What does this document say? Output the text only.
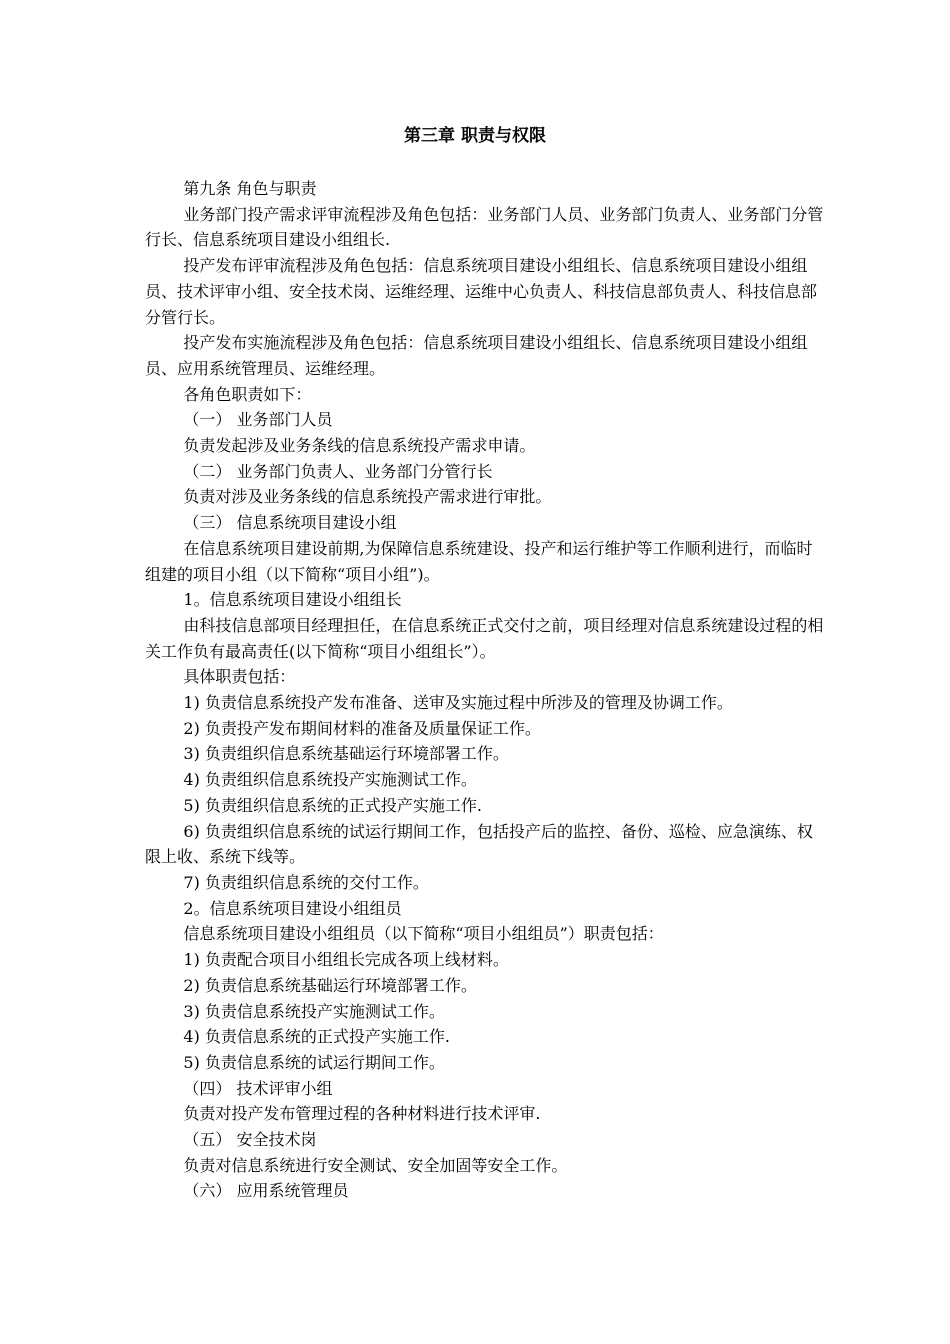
第三章 职责与权限

第九条 角色与职责

业务部门投产需求评审流程涉及角色包括：业务部门人员、业务部门负责人、业务部门分管行长、信息系统项目建设小组组长.

投产发布评审流程涉及角色包括：信息系统项目建设小组组长、信息系统项目建设小组组员、技术评审小组、安全技术岗、运维经理、运维中心负责人、科技信息部负责人、科技信息部分管行长。

投产发布实施流程涉及角色包括：信息系统项目建设小组组长、信息系统项目建设小组组员、应用系统管理员、运维经理。

各角色职责如下：

（一） 业务部门人员

负责发起涉及业务条线的信息系统投产需求申请。

（二） 业务部门负责人、业务部门分管行长

负责对涉及业务条线的信息系统投产需求进行审批。

（三） 信息系统项目建设小组

在信息系统项目建设前期,为保障信息系统建设、投产和运行维护等工作顺利进行，而临时组建的项目小组（以下简称“项目小组”)。

1。信息系统项目建设小组组长

由科技信息部项目经理担任，在信息系统正式交付之前，项目经理对信息系统建设过程的相关工作负有最高责任(以下简称“项目小组组长”）。

具体职责包括：

1) 负责信息系统投产发布准备、送审及实施过程中所涉及的管理及协调工作。

2) 负责投产发布期间材料的准备及质量保证工作。

3) 负责组织信息系统基础运行环境部署工作。

4) 负责组织信息系统投产实施测试工作。

5) 负责组织信息系统的正式投产实施工作.

6) 负责组织信息系统的试运行期间工作，包括投产后的监控、备份、巡检、应急演练、权限上收、系统下线等。

7) 负责组织信息系统的交付工作。

2。信息系统项目建设小组组员

信息系统项目建设小组组员（以下简称“项目小组组员”）职责包括：

1) 负责配合项目小组组长完成各项上线材料。

2) 负责信息系统基础运行环境部署工作。

3) 负责信息系统投产实施测试工作。

4) 负责信息系统的正式投产实施工作.

5) 负责信息系统的试运行期间工作。

（四） 技术评审小组

负责对投产发布管理过程的各种材料进行技术评审.

（五） 安全技术岗

负责对信息系统进行安全测试、安全加固等安全工作。

（六） 应用系统管理员
